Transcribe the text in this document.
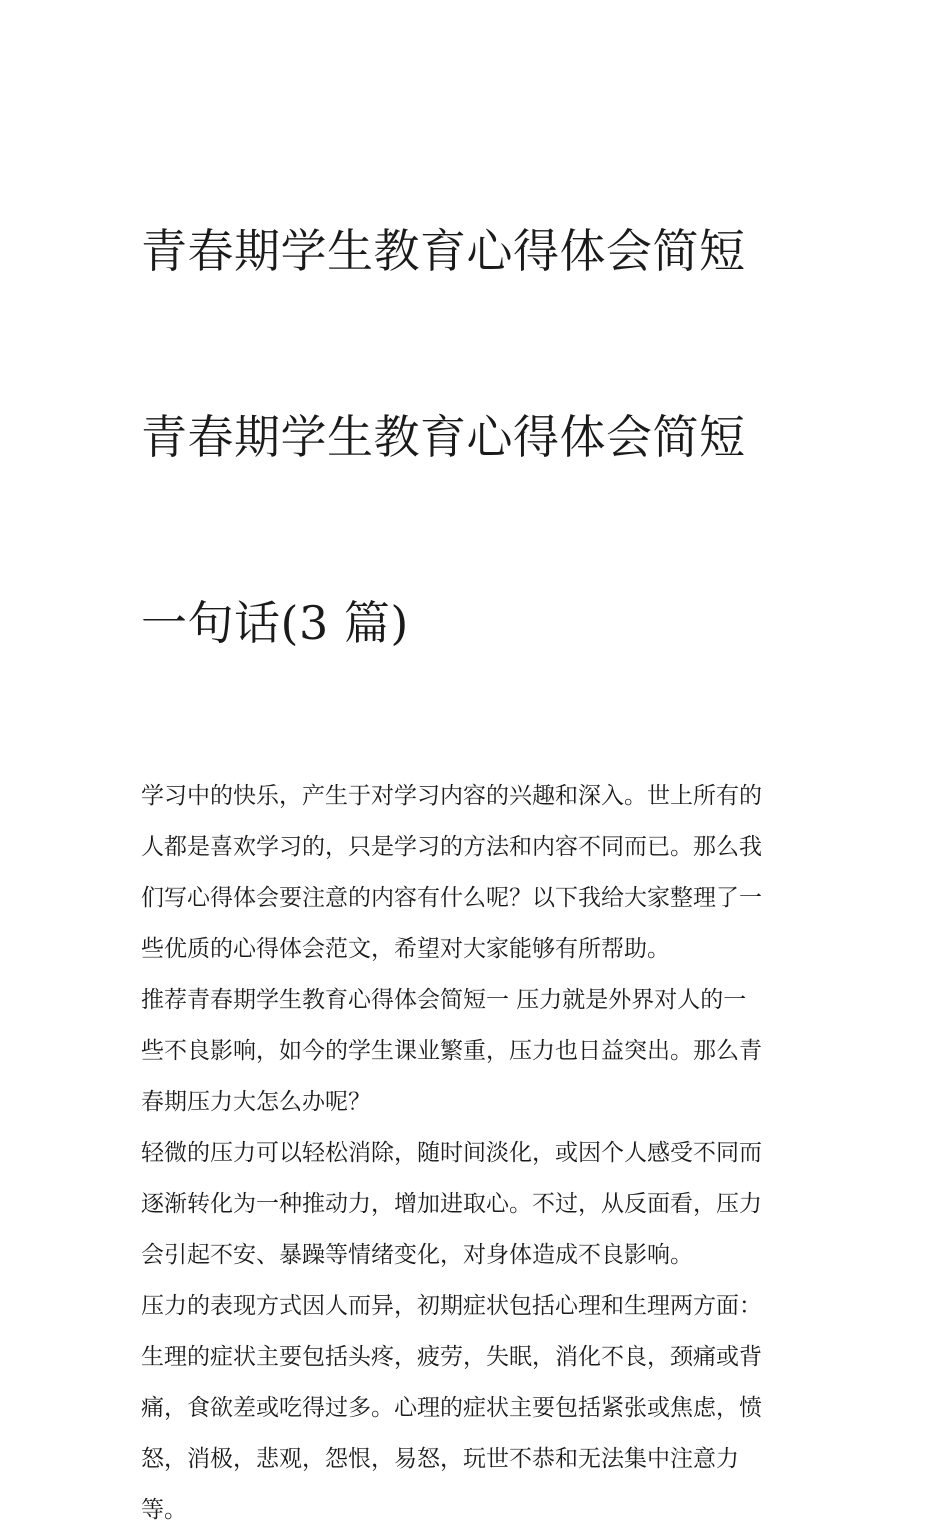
青春期学生教育心得体会简短

青春期学生教育心得体会简短

一句话(3 篇)

学习中的快乐，产生于对学习内容的兴趣和深入。世上所有的
人都是喜欢学习的，只是学习的方法和内容不同而已。那么我
们写心得体会要注意的内容有什么呢？以下我给大家整理了一
些优质的心得体会范文，希望对大家能够有所帮助。

推荐青春期学生教育心得体会简短一 压力就是外界对人的一
些不良影响，如今的学生课业繁重，压力也日益突出。那么青
春期压力大怎么办呢？

轻微的压力可以轻松消除，随时间淡化，或因个人感受不同而
逐渐转化为一种推动力，增加进取心。不过，从反面看，压力
会引起不安、暴躁等情绪变化，对身体造成不良影响。

压力的表现方式因人而异，初期症状包括心理和生理两方面：
生理的症状主要包括头疼，疲劳，失眠，消化不良，颈痛或背
痛，食欲差或吃得过多。心理的症状主要包括紧张或焦虑，愤
怒，消极，悲观，怨恨，易怒，玩世不恭和无法集中注意力
等。
